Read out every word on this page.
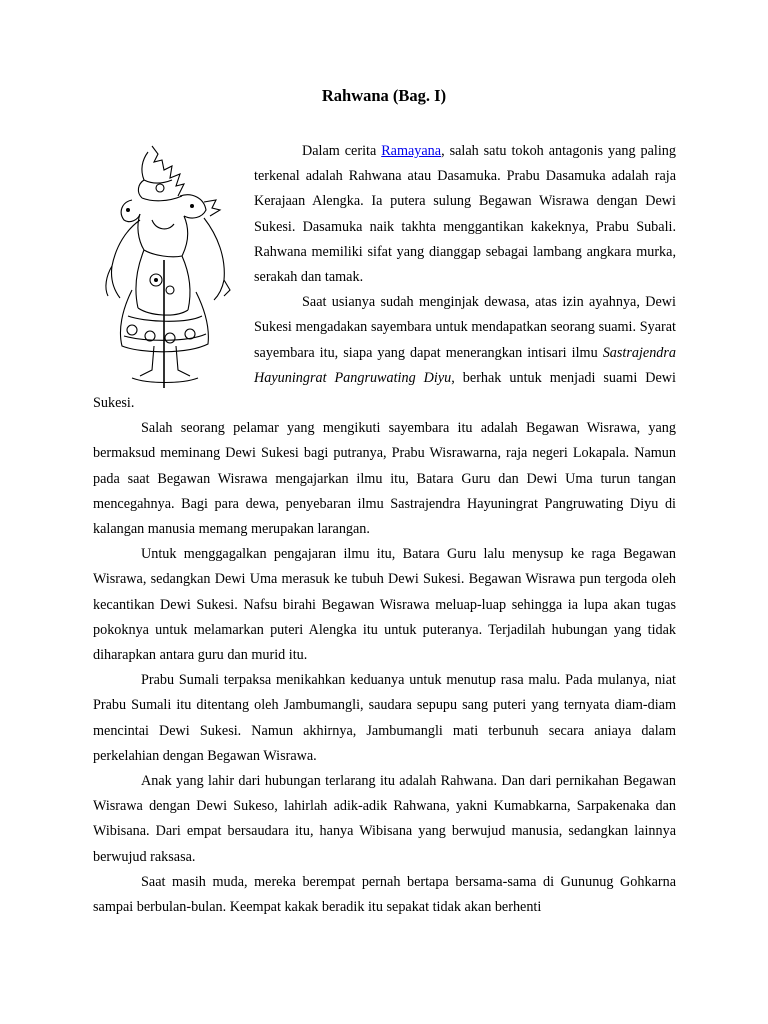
Rahwana (Bag. I)

Dalam cerita Ramayana, salah satu tokoh antagonis yang paling terkenal adalah Rahwana atau Dasamuka. Prabu Dasamuka adalah raja Kerajaan Alengka. Ia putera sulung Begawan Wisrawa dengan Dewi Sukesi. Dasamuka naik takhta menggantikan kakeknya, Prabu Subali. Rahwana memiliki sifat yang dianggap sebagai lambang angkara murka, serakah dan tamak.

Saat usianya sudah menginjak dewasa, atas izin ayahnya, Dewi Sukesi mengadakan sayembara untuk mendapatkan seorang suami. Syarat sayembara itu, siapa yang dapat menerangkan intisari ilmu Sastrajendra Hayuningrat Pangruwating Diyu, berhak untuk menjadi suami Dewi Sukesi.

Salah seorang pelamar yang mengikuti sayembara itu adalah Begawan Wisrawa, yang bermaksud meminang Dewi Sukesi bagi putranya, Prabu Wisrawarna, raja negeri Lokapala. Namun pada saat Begawan Wisrawa mengajarkan ilmu itu, Batara Guru dan Dewi Uma turun tangan mencegahnya. Bagi para dewa, penyebaran ilmu Sastrajendra Hayuningrat Pangruwating Diyu di kalangan manusia memang merupakan larangan.

Untuk menggagalkan pengajaran ilmu itu, Batara Guru lalu menysup ke raga Begawan Wisrawa, sedangkan Dewi Uma merasuk ke tubuh Dewi Sukesi. Begawan Wisrawa pun tergoda oleh kecantikan Dewi Sukesi. Nafsu birahi Begawan Wisrawa meluap-luap sehingga ia lupa akan tugas pokoknya untuk melamarkan puteri Alengka itu untuk puteranya. Terjadilah hubungan yang tidak diharapkan antara guru dan murid itu.

Prabu Sumali terpaksa menikahkan keduanya untuk menutup rasa malu. Pada mulanya, niat Prabu Sumali itu ditentang oleh Jambumangli, saudara sepupu sang puteri yang ternyata diam-diam mencintai Dewi Sukesi. Namun akhirnya, Jambumangli mati terbunuh secara aniaya dalam perkelahian dengan Begawan Wisrawa.

Anak yang lahir dari hubungan terlarang itu adalah Rahwana. Dan dari pernikahan Begawan Wisrawa dengan Dewi Sukeso, lahirlah adik-adik Rahwana, yakni Kumabkarna, Sarpakenaka dan Wibisana. Dari empat bersaudara itu, hanya Wibisana yang berwujud manusia, sedangkan lainnya berwujud raksasa.

Saat masih muda, mereka berempat pernah bertapa bersama-sama di Gununug Gohkarna sampai berbulan-bulan. Keempat kakak beradik itu sepakat tidak akan berhenti
